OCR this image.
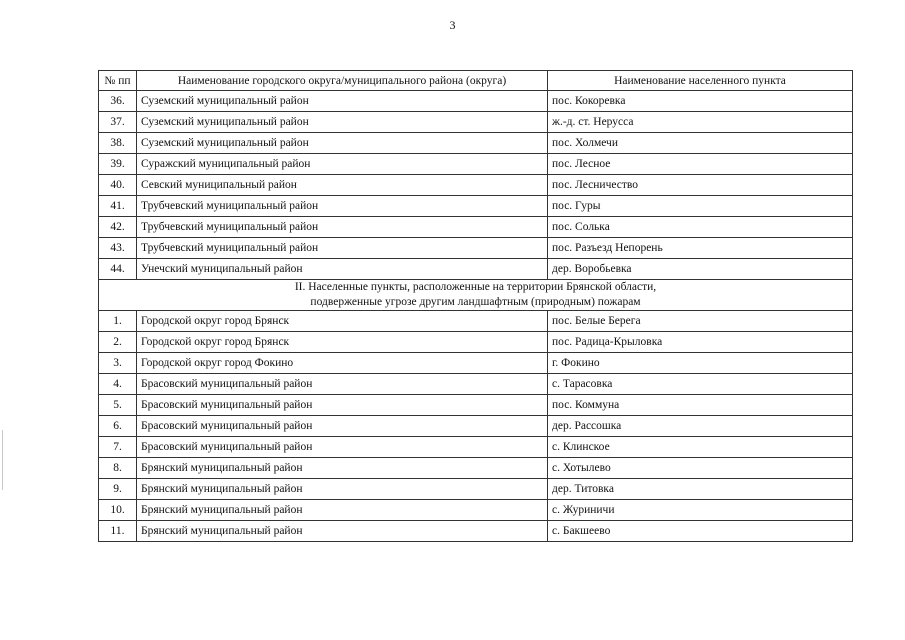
3
№ пп	Наименование городского округа/муниципального района (округа)	Наименование населенного пункта
36.	Суземский муниципальный район	пос. Кокоревка
37.	Суземский муниципальный район	ж.-д. ст. Нерусса
38.	Суземский муниципальный район	пос. Холмечи
39.	Суражский муниципальный район	пос. Лесное
40.	Севский муниципальный район	пос. Лесничество
41.	Трубчевский муниципальный район	пос. Гуры
42.	Трубчевский муниципальный район	пос. Солька
43.	Трубчевский муниципальный район	пос. Разъезд Непорень
44.	Унечский муниципальный район	дер. Воробьевка

II. Населенные пункты, расположенные на территории Брянской области,
подверженные угрозе другим ландшафтным (природным) пожарам		

1.	Городской округ город Брянск	пос. Белые Берега
2.	Городской округ город Брянск	пос. Радица-Крыловка
3.	Городской округ город Фокино	г. Фокино
4.	Брасовский муниципальный район	с. Тарасовка
5.	Брасовский муниципальный район	пос. Коммуна
6.	Брасовский муниципальный район	дер. Рассошка
7.	Брасовский муниципальный район	с. Клинское
8.	Брянский муниципальный район	с. Хотылево
9.	Брянский муниципальный район	дер. Титовка
10.	Брянский муниципальный район	с. Журиничи
11.	Брянский муниципальный район	с. Бакшеево
